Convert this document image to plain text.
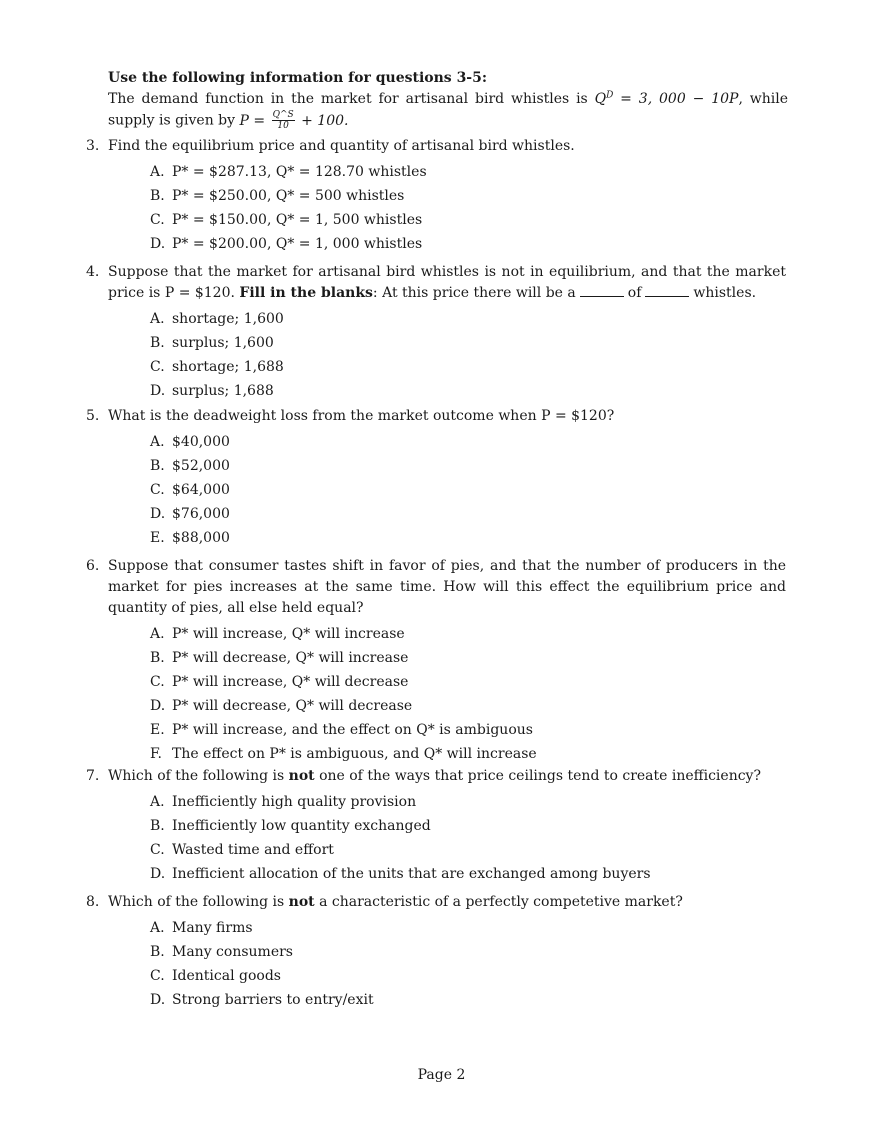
Use the following information for questions 3-5:

The demand function in the market for artisanal bird whistles is $Q^D = 3$, 000 − 10P, while supply is given by $P = \frac{Q\^{}S}{10} + 100$.

3. Find the equilibrium price and quantity of artisanal bird whistles.
A. P* = $287.13, Q* = 128.70 whistles
B. P* = $250.00, Q* = 500 whistles
C. P* = $150.00, Q* = 1, 500 whistles
D. P* = $200.00, Q* = 1, 000 whistles
4. Suppose that the market for artisanal bird whistles is not in equilibrium, and that the market price is P = $120. Fill in the blanks: At this price there will be a	of	whistles.
A. shortage; 1,600
B. surplus; 1,600
C. shortage; 1,688
D. surplus; 1,688
5. What is the deadweight loss from the market outcome when P = $120?
A. $40,000
B. $52,000
C. $64,000
D. $76,000
E. $88,000
6. Suppose that consumer tastes shift in favor of pies, and that the number of producers in the market for pies increases at the same time. How will this effect the equilibrium price and quantity of pies, all else held equal?
A. P* will increase, Q* will increase
B. P* will decrease, Q* will increase
C. P* will increase, Q* will decrease
D. P* will decrease, Q* will decrease
E. P* will increase, and the effect on Q* is ambiguous
F. The effect on P* is ambiguous, and Q* will increase
7. Which of the following is not one of the ways that price ceilings tend to create inefficiency?
A. Inefficiently high quality provision
B. Inefficiently low quantity exchanged
C. Wasted time and effort
D. Inefficient allocation of the units that are exchanged among buyers
8. Which of the following is not a characteristic of a perfectly competetive market?
A. Many firms
B. Many consumers
C. Identical goods
D. Strong barriers to entry/exit
Page 2
